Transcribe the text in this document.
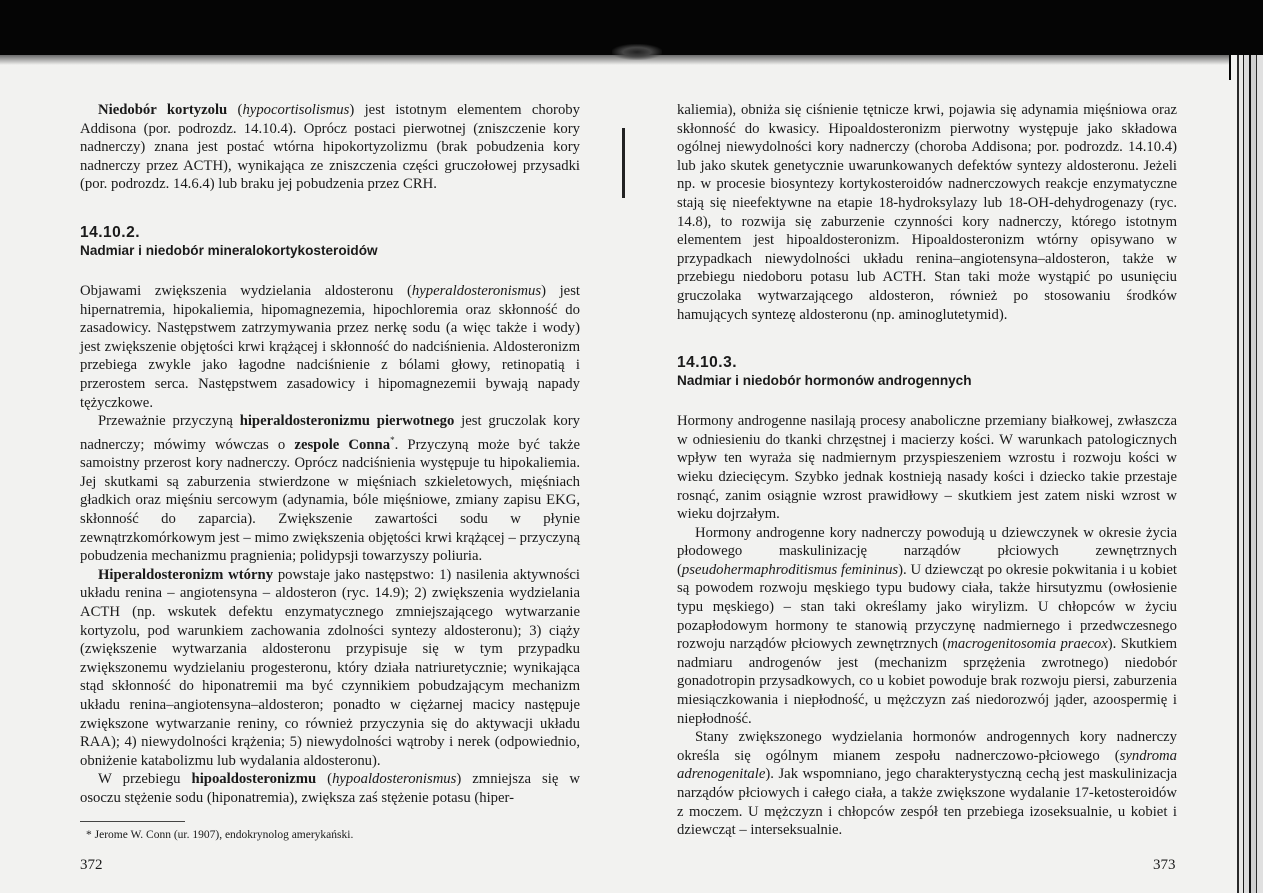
Niedobór kortyzolu (hypocortisolismus) jest istotnym elementem choroby Addisona (por. podrozdz. 14.10.4). Oprócz postaci pierwotnej (zniszczenie kory nadnerczy) znana jest postać wtórna hipokortyzolizmu (brak pobudzenia kory nadnerczy przez ACTH), wynikająca ze zniszczenia części gruczołowej przysadki (por. podrozdz. 14.6.4) lub braku jej pobudzenia przez CRH.

14.10.2.
Nadmiar i niedobór mineralokortykosteroidów

Objawami zwiększenia wydzielania aldosteronu (hyperaldosteronismus) jest hipernatremia, hipokaliemia, hipomagnezemia, hipochloremia oraz skłonność do zasadowicy. Następstwem zatrzymywania przez nerkę sodu (a więc także i wody) jest zwiększenie objętości krwi krążącej i skłonność do nadciśnienia. Aldosteronizm przebiega zwykle jako łagodne nadciśnienie z bólami głowy, retinopatią i przerostem serca. Następstwem zasadowicy i hipomagnezemii bywają napady tężyczkowe.

Przeważnie przyczyną hiperaldosteronizmu pierwotnego jest gruczolak kory nadnerczy; mówimy wówczas o zespole Conna*. Przyczyną może być także samoistny przerost kory nadnerczy. Oprócz nadciśnienia występuje tu hipokaliemia. Jej skutkami są zaburzenia stwierdzone w mięśniach szkieletowych, mięśniach gładkich oraz mięśniu sercowym (adynamia, bóle mięśniowe, zmiany zapisu EKG, skłonność do zaparcia). Zwiększenie zawartości sodu w płynie zewnątrzkomórkowym jest – mimo zwiększenia objętości krwi krążącej – przyczyną pobudzenia mechanizmu pragnienia; polidypsji towarzyszy poliuria.

Hiperaldosteronizm wtórny powstaje jako następstwo: 1) nasilenia aktywności układu renina – angiotensyna – aldosteron (ryc. 14.9); 2) zwiększenia wydzielania ACTH (np. wskutek defektu enzymatycznego zmniejszającego wytwarzanie kortyzolu, pod warunkiem zachowania zdolności syntezy aldosteronu); 3) ciąży (zwiększenie wytwarzania aldosteronu przypisuje się w tym przypadku zwiększonemu wydzielaniu progesteronu, który działa natriuretycznie; wynikająca stąd skłonność do hiponatremii ma być czynnikiem pobudzającym mechanizm układu renina–angiotensyna–aldosteron; ponadto w ciężarnej macicy następuje zwiększone wytwarzanie reniny, co również przyczynia się do aktywacji układu RAA); 4) niewydolności krążenia; 5) niewydolności wątroby i nerek (odpowiednio, obniżenie katabolizmu lub wydalania aldosteronu).

W przebiegu hipoaldosteronizmu (hypoaldosteronismus) zmniejsza się w osoczu stężenie sodu (hiponatremia), zwiększa zaś stężenie potasu (hiper-

* Jerome W. Conn (ur. 1907), endokrynolog amerykański.
372

kaliemia), obniża się ciśnienie tętnicze krwi, pojawia się adynamia mięśniowa oraz skłonność do kwasicy. Hipoaldosteronizm pierwotny występuje jako składowa ogólnej niewydolności kory nadnerczy (choroba Addisona; por. podrozdz. 14.10.4) lub jako skutek genetycznie uwarunkowanych defektów syntezy aldosteronu. Jeżeli np. w procesie biosyntezy kortykosteroidów nadnerczowych reakcje enzymatyczne stają się nieefektywne na etapie 18-hydroksylazy lub 18-OH-dehydrogenazy (ryc. 14.8), to rozwija się zaburzenie czynności kory nadnerczy, którego istotnym elementem jest hipoaldosteronizm. Hipoaldosteronizm wtórny opisywano w przypadkach niewydolności układu renina–angiotensyna–aldosteron, także w przebiegu niedoboru potasu lub ACTH. Stan taki może wystąpić po usunięciu gruczolaka wytwarzającego aldosteron, również po stosowaniu środków hamujących syntezę aldosteronu (np. aminoglutetymid).

14.10.3.
Nadmiar i niedobór hormonów androgennych

Hormony androgenne nasilają procesy anaboliczne przemiany białkowej, zwłaszcza w odniesieniu do tkanki chrzęstnej i macierzy kości. W warunkach patologicznych wpływ ten wyraża się nadmiernym przyspieszeniem wzrostu i rozwoju kości w wieku dziecięcym. Szybko jednak kostnieją nasady kości i dziecko takie przestaje rosnąć, zanim osiągnie wzrost prawidłowy – skutkiem jest zatem niski wzrost w wieku dojrzałym.

Hormony androgenne kory nadnerczy powodują u dziewczynek w okresie życia płodowego maskulinizację narządów płciowych zewnętrznych (pseudohermaphroditismus femininus). U dziewcząt po okresie pokwitania i u kobiet są powodem rozwoju męskiego typu budowy ciała, także hirsutyzmu (owłosienie typu męskiego) – stan taki określamy jako wirylizm. U chłopców w życiu pozapłodowym hormony te stanowią przyczynę nadmiernego i przedwczesnego rozwoju narządów płciowych zewnętrznych (macrogenitosomia praecox). Skutkiem nadmiaru androgenów jest (mechanizm sprzężenia zwrotnego) niedobór gonadotropin przysadkowych, co u kobiet powoduje brak rozwoju piersi, zaburzenia miesiączkowania i niepłodność, u mężczyzn zaś niedorozwój jąder, azoospermię i niepłodność.

Stany zwiększonego wydzielania hormonów androgennych kory nadnerczy określa się ogólnym mianem zespołu nadnerczowo-płciowego (syndroma adrenogenitale). Jak wspomniano, jego charakterystyczną cechą jest maskulinizacja narządów płciowych i całego ciała, a także zwiększone wydalanie 17-ketosteroidów z moczem. U mężczyzn i chłopców zespół ten przebiega izoseksualnie, u kobiet i dziewcząt – interseksualnie.

373
